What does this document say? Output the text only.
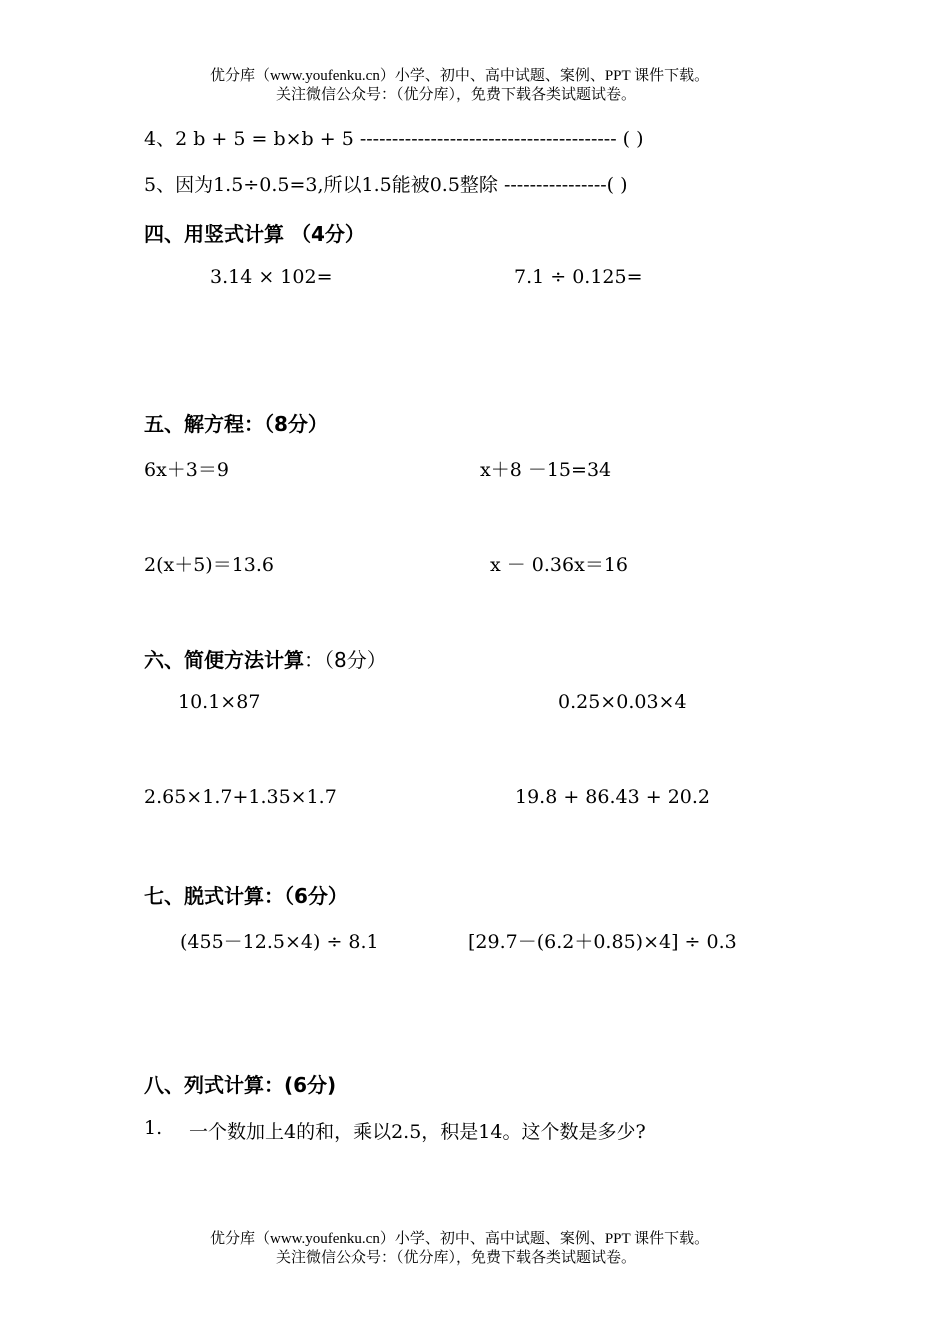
优分库（www.youfenku.cn）小学、初中、高中试题、案例、PPT 课件下载。
关注微信公众号：（优分库），免费下载各类试题试卷。
4、2 b + 5 = b×b + 5 ---------------------------------------- ( )
5、因为1.5÷0.5=3,所以1.5能被0.5整除 ----------------( )
四、用竖式计算 （4分）
3.14 × 102=	7.1 ÷ 0.125=
五、解方程：（8分）
6x＋3＝9	x＋8 －15=34
2(x＋5)＝13.6	x － 0.36x＝16
六、简便方法计算：（8分）
10.1×87	0.25×0.03×4
2.65×1.7+1.35×1.7	19.8 + 86.43 + 20.2
七、脱式计算：（6分）
(455－12.5×4) ÷ 8.1	[29.7－(6.2＋0.85)×4] ÷ 0.3
八、列式计算：(6分)
1. 一个数加上4的和，乘以2.5，积是14。这个数是多少?
优分库（www.youfenku.cn）小学、初中、高中试题、案例、PPT 课件下载。
关注微信公众号：（优分库），免费下载各类试题试卷。
